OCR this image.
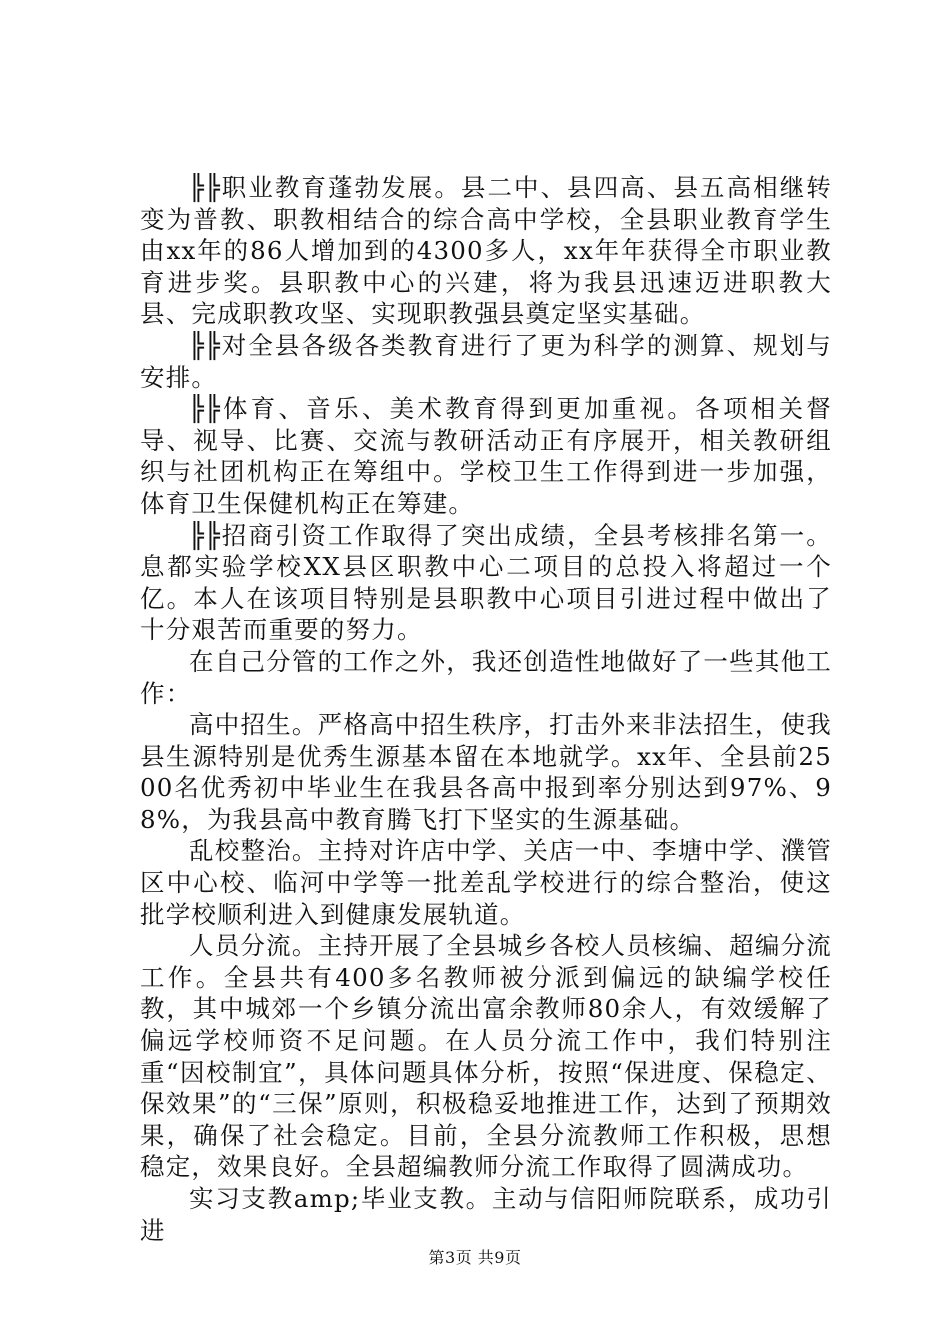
╠╠职业教育蓬勃发展。县二中、县四高、县五高相继转变为普教、职教相结合的综合高中学校，全县职业教育学生由xx年的86人增加到的4300多人，xx年年获得全市职业教育进步奖。县职教中心的兴建，将为我县迅速迈进职教大县、完成职教攻坚、实现职教强县奠定坚实基础。

╠╠对全县各级各类教育进行了更为科学的测算、规划与安排。

╠╠体育、音乐、美术教育得到更加重视。各项相关督导、视导、比赛、交流与教研活动正有序展开，相关教研组织与社团机构正在筹组中。学校卫生工作得到进一步加强，体育卫生保健机构正在筹建。

╠╠招商引资工作取得了突出成绩，全县考核排名第一。息都实验学校XX县区职教中心二项目的总投入将超过一个亿。本人在该项目特别是县职教中心项目引进过程中做出了十分艰苦而重要的努力。

在自己分管的工作之外，我还创造性地做好了一些其他工作：

高中招生。严格高中招生秩序，打击外来非法招生，使我县生源特别是优秀生源基本留在本地就学。xx年、全县前2500名优秀初中毕业生在我县各高中报到率分别达到97%、98%，为我县高中教育腾飞打下坚实的生源基础。

乱校整治。主持对许店中学、关店一中、李塘中学、濮管区中心校、临河中学等一批差乱学校进行的综合整治，使这批学校顺利进入到健康发展轨道。

人员分流。主持开展了全县城乡各校人员核编、超编分流工作。全县共有400多名教师被分派到偏远的缺编学校任教，其中城郊一个乡镇分流出富余教师80余人，有效缓解了偏远学校师资不足问题。在人员分流工作中，我们特别注重“因校制宜”，具体问题具体分析，按照“保进度、保稳定、保效果”的“三保”原则，积极稳妥地推进工作，达到了预期效果，确保了社会稳定。目前，全县分流教师工作积极，思想稳定，效果良好。全县超编教师分流工作取得了圆满成功。

实习支教amp;毕业支教。主动与信阳师院联系，成功引进

第3页 共9页
